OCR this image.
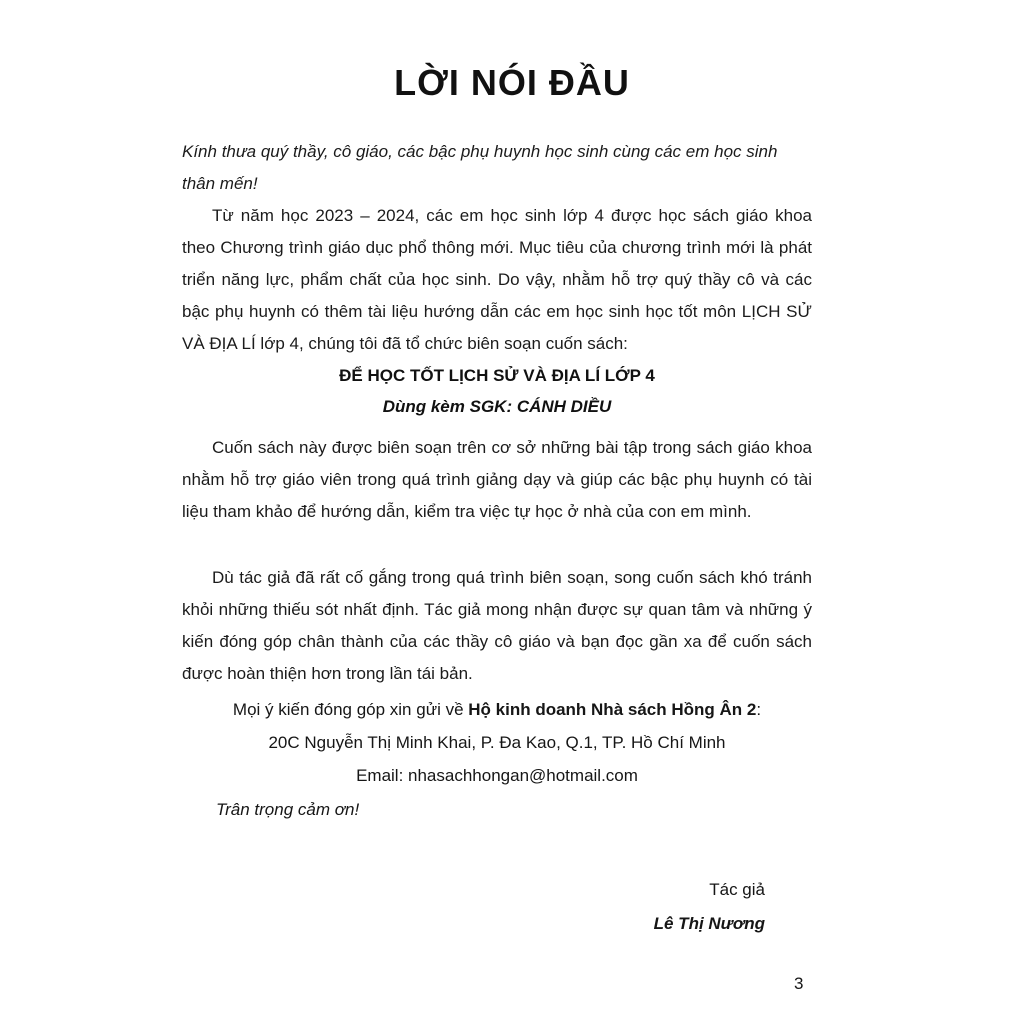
LỜI NÓI ĐẦU
Kính thưa quý thầy, cô giáo, các bậc phụ huynh học sinh cùng các em học sinh thân mến!
Từ năm học 2023 – 2024, các em học sinh lớp 4 được học sách giáo khoa theo Chương trình giáo dục phổ thông mới. Mục tiêu của chương trình mới là phát triển năng lực, phẩm chất của học sinh. Do vậy, nhằm hỗ trợ quý thầy cô và các bậc phụ huynh có thêm tài liệu hướng dẫn các em học sinh học tốt môn LỊCH SỬ VÀ ĐỊA LÍ lớp 4, chúng tôi đã tổ chức biên soạn cuốn sách:
ĐỂ HỌC TỐT LỊCH SỬ VÀ ĐỊA LÍ LỚP 4
Dùng kèm SGK: CÁNH DIỀU
Cuốn sách này được biên soạn trên cơ sở những bài tập trong sách giáo khoa nhằm hỗ trợ giáo viên trong quá trình giảng dạy và giúp các bậc phụ huynh có tài liệu tham khảo để hướng dẫn, kiểm tra việc tự học ở nhà của con em mình.
Dù tác giả đã rất cố gắng trong quá trình biên soạn, song cuốn sách khó tránh khỏi những thiếu sót nhất định. Tác giả mong nhận được sự quan tâm và những ý kiến đóng góp chân thành của các thầy cô giáo và bạn đọc gần xa để cuốn sách được hoàn thiện hơn trong lần tái bản.
Mọi ý kiến đóng góp xin gửi về Hộ kinh doanh Nhà sách Hồng Ân 2:
20C Nguyễn Thị Minh Khai, P. Đa Kao, Q.1, TP. Hồ Chí Minh
Email: nhasachhongan@hotmail.com
Trân trọng cảm ơn!
Tác giả
Lê Thị Nương
3
